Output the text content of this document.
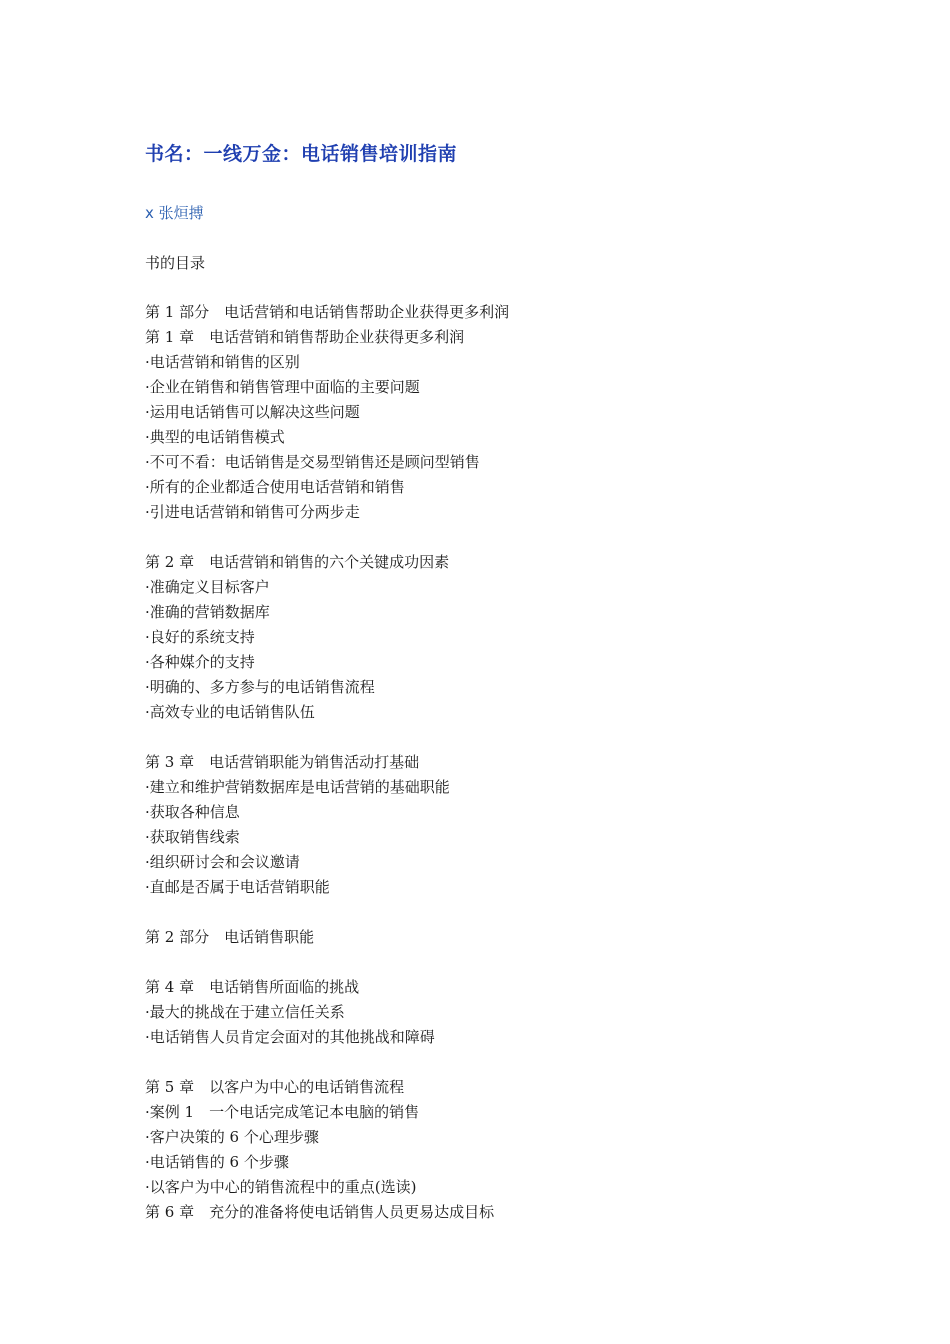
书名：一线万金：电话销售培训指南
x 张烜搏
书的目录
第 1 部分　电话营销和电话销售帮助企业获得更多利润
第 1 章　电话营销和销售帮助企业获得更多利润
·电话营销和销售的区别
·企业在销售和销售管理中面临的主要问题
·运用电话销售可以解决这些问题
·典型的电话销售模式
·不可不看：电话销售是交易型销售还是顾问型销售
·所有的企业都适合使用电话营销和销售
·引进电话营销和销售可分两步走
第 2 章　电话营销和销售的六个关键成功因素
·准确定义目标客户
·准确的营销数据库
·良好的系统支持
·各种媒介的支持
·明确的、多方参与的电话销售流程
·高效专业的电话销售队伍
第 3 章　电话营销职能为销售活动打基础
·建立和维护营销数据库是电话营销的基础职能
·获取各种信息
·获取销售线索
·组织研讨会和会议邀请
·直邮是否属于电话营销职能
第 2 部分　电话销售职能
第 4 章　电话销售所面临的挑战
·最大的挑战在于建立信任关系
·电话销售人员肯定会面对的其他挑战和障碍
第 5 章　以客户为中心的电话销售流程
·案例 1　一个电话完成笔记本电脑的销售
·客户决策的 6 个心理步骤
·电话销售的 6 个步骤
·以客户为中心的销售流程中的重点(选读)
第 6 章　充分的准备将使电话销售人员更易达成目标
